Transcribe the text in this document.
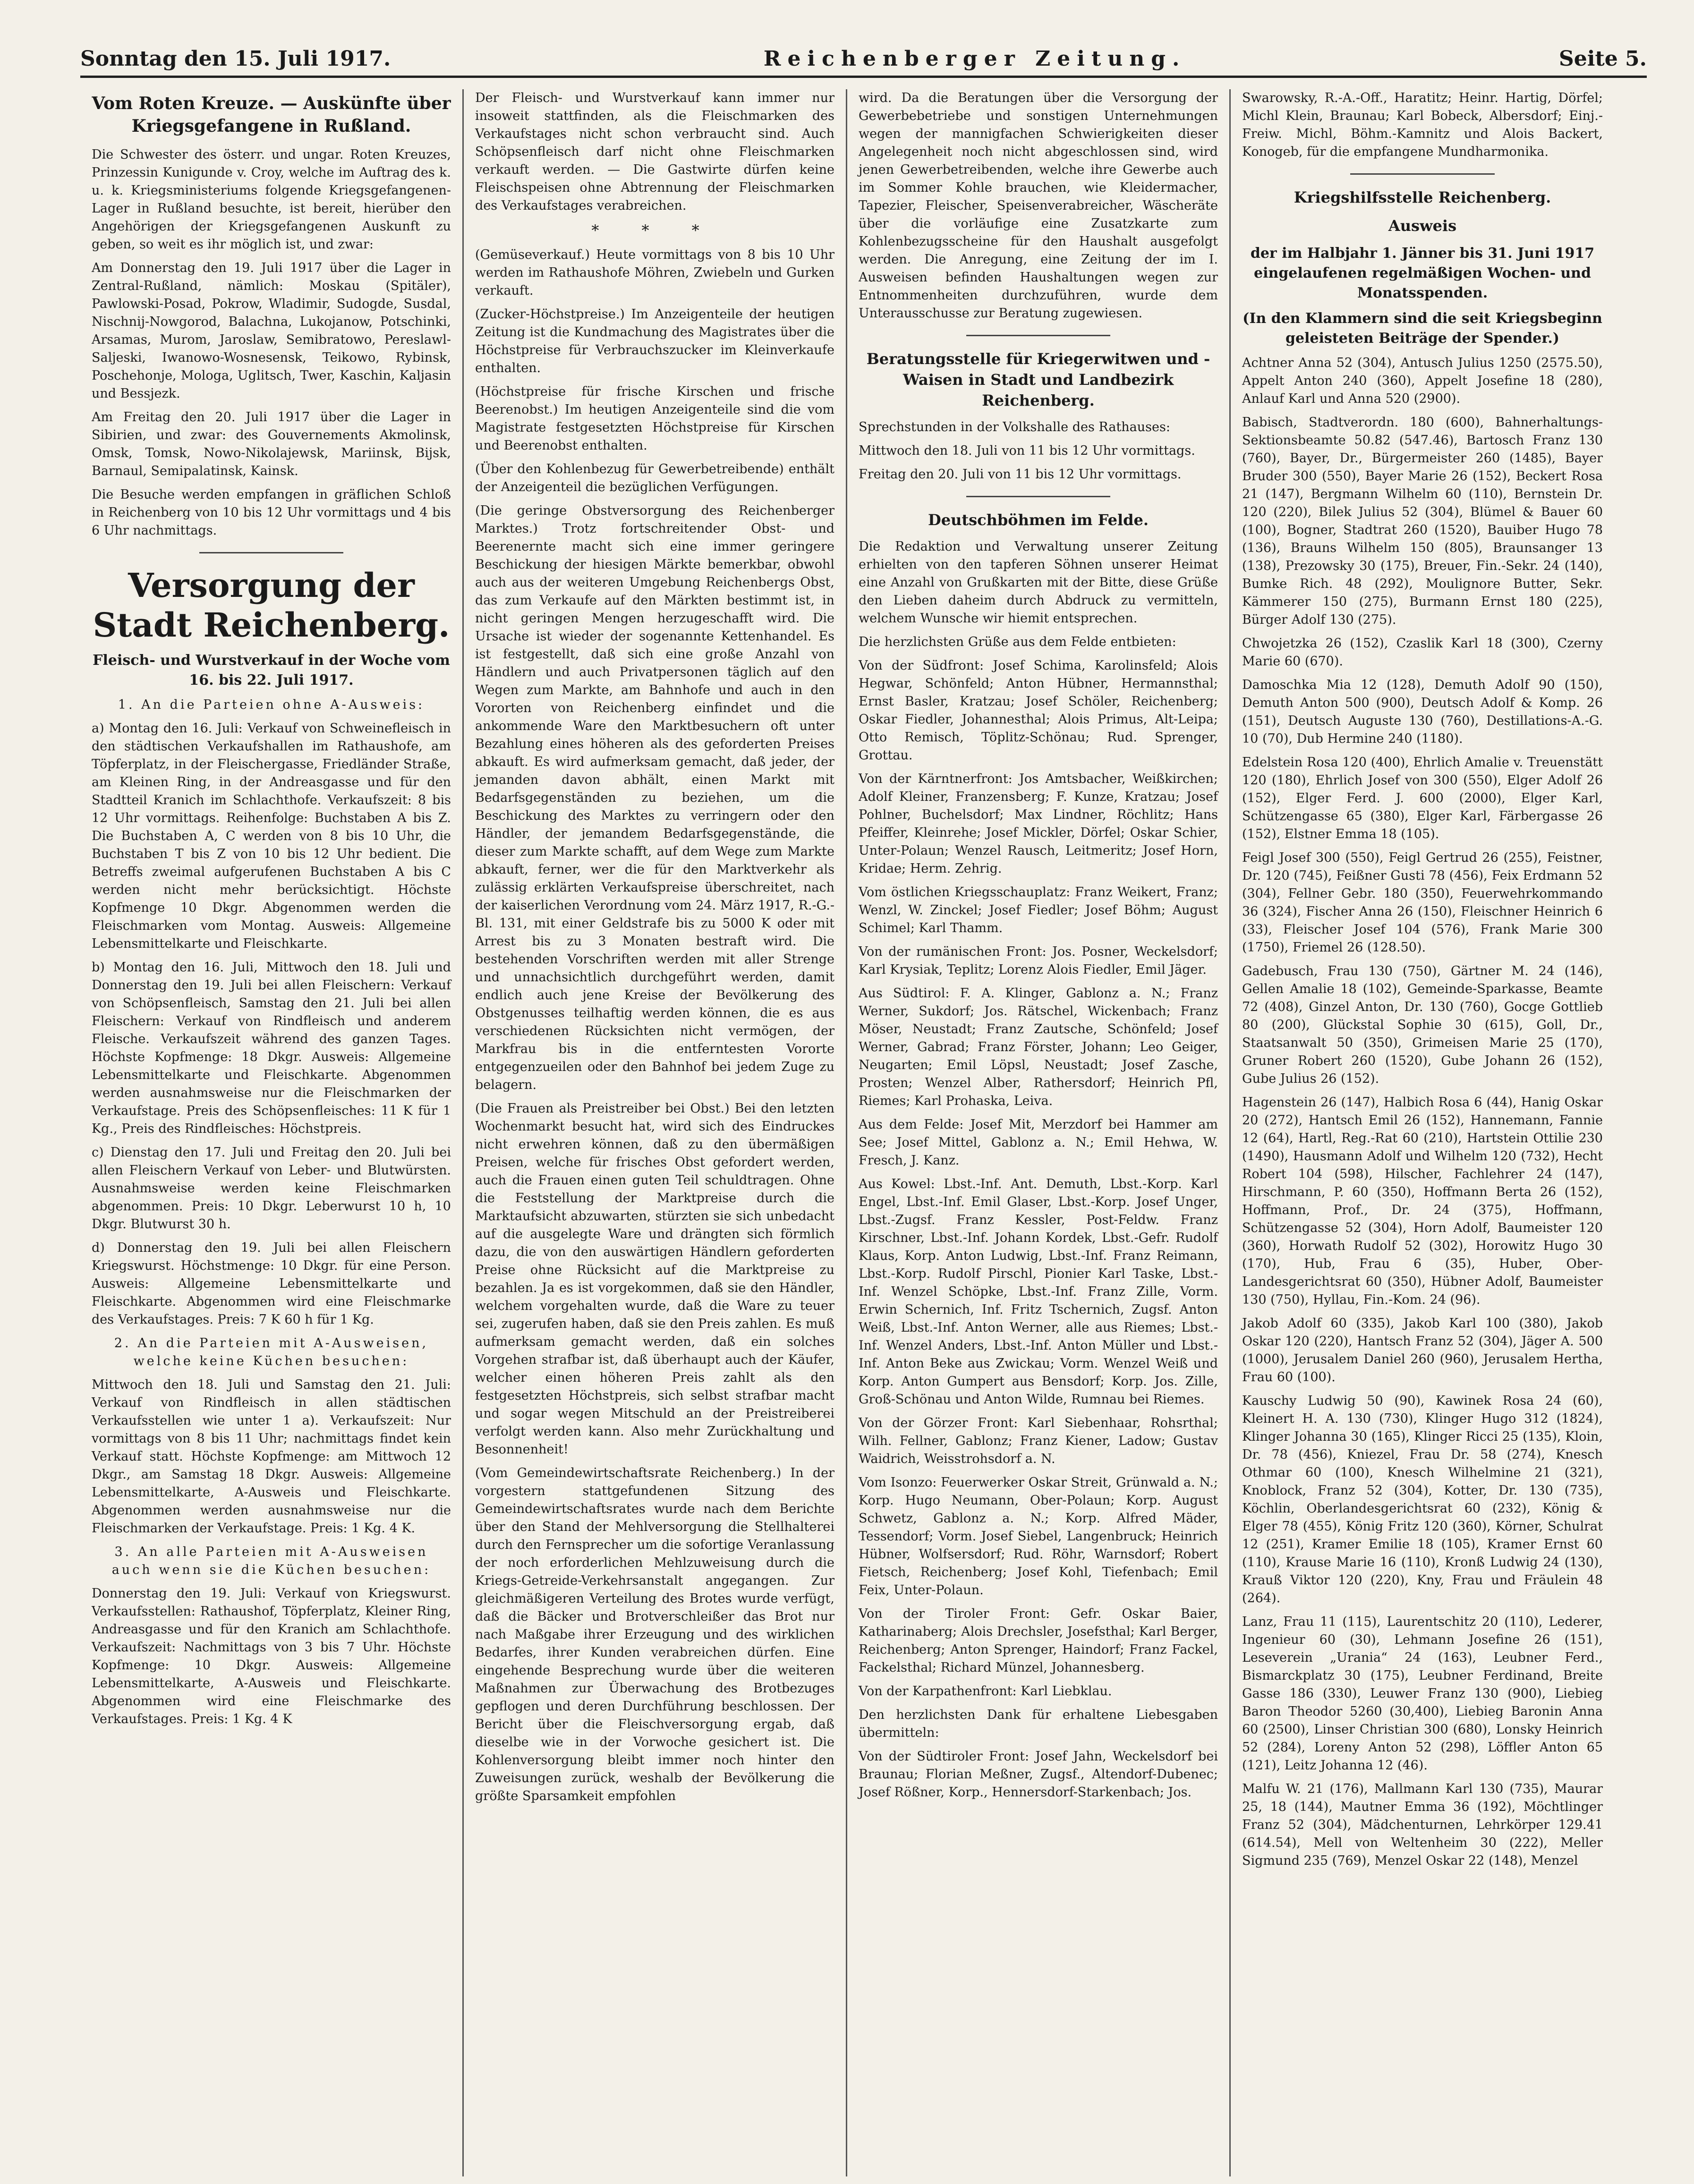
Sonntag den 15. Juli 1917.	Reichenberger Zeitung.	Seite 5.
Vom Roten Kreuze. — Auskünfte über Kriegsgefangene in Rußland.

Die Schwester des österr. und ungar. Roten Kreuzes, Prinzessin Kunigunde v. Croy, welche im Auftrag des k. u. k. Kriegsministeriums folgende Kriegsgefangenen-Lager in Rußland besuchte, ist bereit, hierüber den Angehörigen der Kriegsgefangenen Auskunft zu geben, so weit es ihr möglich ist, und zwar:

Am Donnerstag den 19. Juli 1917 über die Lager in Zentral-Rußland, nämlich: Moskau (Spitäler), Pawlowski-Posad, Pokrow, Wladimir, Sudogde, Susdal, Nischnij-Nowgorod, Balachna, Lukojanow, Potschinki, Arsamas, Murom, Jaroslaw, Semibratowo, Pereslawl-Saljeski, Iwanowo-Wosnesensk, Teikowo, Rybinsk, Poschehonje, Mologa, Uglitsch, Twer, Kaschin, Kaljasin und Bessjezk.

Am Freitag den 20. Juli 1917 über die Lager in Sibirien, und zwar: des Gouvernements Akmolinsk, Omsk, Tomsk, Nowo-Nikolajewsk, Mariinsk, Bijsk, Barnaul, Semipalatinsk, Kainsk.

Die Besuche werden empfangen in gräflichen Schloß in Reichenberg von 10 bis 12 Uhr vormittags und 4 bis 6 Uhr nachmittags.

Versorgung der Stadt Reichenberg.

Fleisch- und Wurstverkauf in der Woche vom 16. bis 22. Juli 1917.

1. An die Parteien ohne A-Ausweis:

a) Montag den 16. Juli: Verkauf von Schweinefleisch in den städtischen Verkaufshallen im Rathaushofe, am Töpferplatz, in der Fleischergasse, Friedländer Straße, am Kleinen Ring, in der Andreasgasse und für den Stadtteil Kranich im Schlachthofe. Verkaufszeit: 8 bis 12 Uhr vormittags. Reihenfolge: Buchstaben A bis Z. Die Buchstaben A, C werden von 8 bis 10 Uhr, die Buchstaben T bis Z von 10 bis 12 Uhr bedient. Die Betreffs zweimal aufgerufenen Buchstaben A bis C werden nicht mehr berücksichtigt. Höchste Kopfmenge 10 Dkgr. Abgenommen werden die Fleischmarken vom Montag. Ausweis: Allgemeine Lebensmittelkarte und Fleischkarte.

b) Montag den 16. Juli, Mittwoch den 18. Juli und Donnerstag den 19. Juli bei allen Fleischern: Verkauf von Schöpsenfleisch, Samstag den 21. Juli bei allen Fleischern: Verkauf von Rindfleisch und anderem Fleische. Verkaufszeit während des ganzen Tages. Höchste Kopfmenge: 18 Dkgr. Ausweis: Allgemeine Lebensmittelkarte und Fleischkarte. Abgenommen werden ausnahmsweise nur die Fleischmarken der Verkaufstage. Preis des Schöpsenfleisches: 11 K für 1 Kg., Preis des Rindfleisches: Höchstpreis.

c) Dienstag den 17. Juli und Freitag den 20. Juli bei allen Fleischern Verkauf von Leber- und Blutwürsten. Ausnahmsweise werden keine Fleischmarken abgenommen. Preis: 10 Dkgr. Leberwurst 10 h, 10 Dkgr. Blutwurst 30 h.

d) Donnerstag den 19. Juli bei allen Fleischern Kriegswurst. Höchstmenge: 10 Dkgr. für eine Person. Ausweis: Allgemeine Lebensmittelkarte und Fleischkarte. Abgenommen wird eine Fleischmarke des Verkaufstages. Preis: 7 K 60 h für 1 Kg.

2. An die Parteien mit A-Ausweisen, welche keine Küchen besuchen:

Mittwoch den 18. Juli und Samstag den 21. Juli: Verkauf von Rindfleisch in allen städtischen Verkaufsstellen wie unter 1 a). Verkaufszeit: Nur vormittags von 8 bis 11 Uhr; nachmittags findet kein Verkauf statt. Höchste Kopfmenge: am Mittwoch 12 Dkgr., am Samstag 18 Dkgr. Ausweis: Allgemeine Lebensmittelkarte, A-Ausweis und Fleischkarte. Abgenommen werden ausnahmsweise nur die Fleischmarken der Verkaufstage. Preis: 1 Kg. 4 K.

3. An alle Parteien mit A-Ausweisen auch wenn sie die Küchen besuchen:

Donnerstag den 19. Juli: Verkauf von Kriegswurst. Verkaufsstellen: Rathaushof, Töpferplatz, Kleiner Ring, Andreasgasse und für den Kranich am Schlachthofe. Verkaufszeit: Nachmittags von 3 bis 7 Uhr. Höchste Kopfmenge: 10 Dkgr. Ausweis: Allgemeine Lebensmittelkarte, A-Ausweis und Fleischkarte. Abgenommen wird eine Fleischmarke des Verkaufstages. Preis: 1 Kg. 4 K

Der Fleisch- und Wurstverkauf kann immer nur insoweit stattfinden, als die Fleischmarken des Verkaufstages nicht schon verbraucht sind. Auch Schöpsenfleisch darf nicht ohne Fleischmarken verkauft werden. — Die Gastwirte dürfen keine Fleischspeisen ohne Abtrennung der Fleischmarken des Verkaufstages verabreichen.

* * *

(Gemüseverkauf.) Heute vormittags von 8 bis 10 Uhr werden im Rathaushofe Möhren, Zwiebeln und Gurken verkauft.

(Zucker-Höchstpreise.) Im Anzeigenteile der heutigen Zeitung ist die Kundmachung des Magistrates über die Höchstpreise für Verbrauchszucker im Kleinverkaufe enthalten.

(Höchstpreise für frische Kirschen und frische Beerenobst.) Im heutigen Anzeigenteile sind die vom Magistrate festgesetzten Höchstpreise für Kirschen und Beerenobst enthalten.

(Über den Kohlenbezug für Gewerbetreibende) enthält der Anzeigenteil die bezüglichen Verfügungen.

(Die geringe Obstversorgung des Reichenberger Marktes.) Trotz fortschreitender Obst- und Beerenernte macht sich eine immer geringere Beschickung der hiesigen Märkte bemerkbar, obwohl auch aus der weiteren Umgebung Reichenbergs Obst, das zum Verkaufe auf den Märkten bestimmt ist, in nicht geringen Mengen herzugeschafft wird. Die Ursache ist wieder der sogenannte Kettenhandel. Es ist festgestellt, daß sich eine große Anzahl von Händlern und auch Privatpersonen täglich auf den Wegen zum Markte, am Bahnhofe und auch in den Vororten von Reichenberg einfindet und die ankommende Ware den Marktbesuchern oft unter Bezahlung eines höheren als des geforderten Preises abkauft. Es wird aufmerksam gemacht, daß jeder, der jemanden davon abhält, einen Markt mit Bedarfsgegenständen zu beziehen, um die Beschickung des Marktes zu verringern oder den Händler, der jemandem Bedarfsgegenstände, die dieser zum Markte schafft, auf dem Wege zum Markte abkauft, ferner, wer die für den Marktverkehr als zulässig erklärten Verkaufspreise überschreitet, nach der kaiserlichen Verordnung vom 24. März 1917, R.-G.-Bl. 131, mit einer Geldstrafe bis zu 5000 K oder mit Arrest bis zu 3 Monaten bestraft wird. Die bestehenden Vorschriften werden mit aller Strenge und unnachsichtlich durchgeführt werden, damit endlich auch jene Kreise der Bevölkerung des Obstgenusses teilhaftig werden können, die es aus verschiedenen Rücksichten nicht vermögen, der Markfrau bis in die entferntesten Vororte entgegenzueilen oder den Bahnhof bei jedem Zuge zu belagern.

(Die Frauen als Preistreiber bei Obst.) Bei den letzten Wochenmarkt besucht hat, wird sich des Eindruckes nicht erwehren können, daß zu den übermäßigen Preisen, welche für frisches Obst gefordert werden, auch die Frauen einen guten Teil schuldtragen. Ohne die Feststellung der Marktpreise durch die Marktaufsicht abzuwarten, stürzten sie sich unbedacht auf die ausgelegte Ware und drängten sich förmlich dazu, die von den auswärtigen Händlern geforderten Preise ohne Rücksicht auf die Marktpreise zu bezahlen. Ja es ist vorgekommen, daß sie den Händler, welchem vorgehalten wurde, daß die Ware zu teuer sei, zugerufen haben, daß sie den Preis zahlen. Es muß aufmerksam gemacht werden, daß ein solches Vorgehen strafbar ist, daß überhaupt auch der Käufer, welcher einen höheren Preis zahlt als den festgesetzten Höchstpreis, sich selbst strafbar macht und sogar wegen Mitschuld an der Preistreiberei verfolgt werden kann. Also mehr Zurückhaltung und Besonnenheit!

(Vom Gemeindewirtschaftsrate Reichenberg.) In der vorgestern stattgefundenen Sitzung des Gemeindewirtschaftsrates wurde nach dem Berichte über den Stand der Mehlversorgung die Stellhalterei durch den Fernsprecher um die sofortige Veranlassung der noch erforderlichen Mehlzuweisung durch die Kriegs-Getreide-Verkehrsanstalt angegangen. Zur gleichmäßigeren Verteilung des Brotes wurde verfügt, daß die Bäcker und Brotverschleißer das Brot nur nach Maßgabe ihrer Erzeugung und des wirklichen Bedarfes, ihrer Kunden verabreichen dürfen. Eine eingehende Besprechung wurde über die weiteren Maßnahmen zur Überwachung des Brotbezuges gepflogen und deren Durchführung beschlossen. Der Bericht über die Fleischversorgung ergab, daß dieselbe wie in der Vorwoche gesichert ist. Die Kohlenversorgung bleibt immer noch hinter den Zuweisungen zurück, weshalb der Bevölkerung die größte Sparsamkeit empfohlen

wird. Da die Beratungen über die Versorgung der Gewerbebetriebe und sonstigen Unternehmungen wegen der mannigfachen Schwierigkeiten dieser Angelegenheit noch nicht abgeschlossen sind, wird jenen Gewerbetreibenden, welche ihre Gewerbe auch im Sommer Kohle brauchen, wie Kleidermacher, Tapezier, Fleischer, Speisenverabreicher, Wäscheräte über die vorläufige eine Zusatzkarte zum Kohlenbezugsscheine für den Haushalt ausgefolgt werden. Die Anregung, eine Zeitung der im I. Ausweisen befinden Haushaltungen wegen zur Entnommenheiten durchzuführen, wurde dem Unterausschusse zur Beratung zugewiesen.

Beratungsstelle für Kriegerwitwen und -Waisen in Stadt und Landbezirk Reichenberg.

Sprechstunden in der Volkshalle des Rathauses:

Mittwoch den 18. Juli von 11 bis 12 Uhr vormittags.

Freitag den 20. Juli von 11 bis 12 Uhr vormittags.

Deutschböhmen im Felde.

Die Redaktion und Verwaltung unserer Zeitung erhielten von den tapferen Söhnen unserer Heimat eine Anzahl von Grußkarten mit der Bitte, diese Grüße den Lieben daheim durch Abdruck zu vermitteln, welchem Wunsche wir hiemit entsprechen.

Die herzlichsten Grüße aus dem Felde entbieten:

Von der Südfront: Josef Schima, Karolinsfeld; Alois Hegwar, Schönfeld; Anton Hübner, Hermannsthal; Ernst Basler, Kratzau; Josef Schöler, Reichenberg; Oskar Fiedler, Johannesthal; Alois Primus, Alt-Leipa; Otto Remisch, Töplitz-Schönau; Rud. Sprenger, Grottau.

Von der Kärntnerfront: Jos Amtsbacher, Weißkirchen; Adolf Kleiner, Franzensberg; F. Kunze, Kratzau; Josef Pohlner, Buchelsdorf; Max Lindner, Röchlitz; Hans Pfeiffer, Kleinrehe; Josef Mickler, Dörfel; Oskar Schier, Unter-Polaun; Wenzel Rausch, Leitmeritz; Josef Horn, Kridae; Herm. Zehrig.

Vom östlichen Kriegsschauplatz: Franz Weikert, Franz; Wenzl, W. Zinckel; Josef Fiedler; Josef Böhm; August Schimel; Karl Thamm.

Von der rumänischen Front: Jos. Posner, Weckelsdorf; Karl Krysiak, Teplitz; Lorenz Alois Fiedler, Emil Jäger.

Aus Südtirol: F. A. Klinger, Gablonz a. N.; Franz Werner, Sukdorf; Jos. Rätschel, Wickenbach; Franz Möser, Neustadt; Franz Zautsche, Schönfeld; Josef Werner, Gabrad; Franz Förster, Johann; Leo Geiger, Neugarten; Emil Löpsl, Neustadt; Josef Zasche, Prosten; Wenzel Alber, Rathersdorf; Heinrich Pfl, Riemes; Karl Prohaska, Leiva.

Aus dem Felde: Josef Mit, Merzdorf bei Hammer am See; Josef Mittel, Gablonz a. N.; Emil Hehwa, W. Fresch, J. Kanz.

Aus Kowel: Lbst.-Inf. Ant. Demuth, Lbst.-Korp. Karl Engel, Lbst.-Inf. Emil Glaser, Lbst.-Korp. Josef Unger, Lbst.-Zugsf. Franz Kessler, Post-Feldw. Franz Kirschner, Lbst.-Inf. Johann Kordek, Lbst.-Gefr. Rudolf Klaus, Korp. Anton Ludwig, Lbst.-Inf. Franz Reimann, Lbst.-Korp. Rudolf Pirschl, Pionier Karl Taske, Lbst.-Inf. Wenzel Schöpke, Lbst.-Inf. Franz Zille, Vorm. Erwin Schernich, Inf. Fritz Tschernich, Zugsf. Anton Weiß, Lbst.-Inf. Anton Werner, alle aus Riemes; Lbst.-Inf. Wenzel Anders, Lbst.-Inf. Anton Müller und Lbst.-Inf. Anton Beke aus Zwickau; Vorm. Wenzel Weiß und Korp. Anton Gumpert aus Bensdorf; Korp. Jos. Zille, Groß-Schönau und Anton Wilde, Rumnau bei Riemes.

Von der Görzer Front: Karl Siebenhaar, Rohsrthal; Wilh. Fellner, Gablonz; Franz Kiener, Ladow; Gustav Waidrich, Weisstrohsdorf a. N.

Vom Isonzo: Feuerwerker Oskar Streit, Grünwald a. N.; Korp. Hugo Neumann, Ober-Polaun; Korp. August Schwetz, Gablonz a. N.; Korp. Alfred Mäder, Tessendorf; Vorm. Josef Siebel, Langenbruck; Heinrich Hübner, Wolfsersdorf; Rud. Röhr, Warnsdorf; Robert Fietsch, Reichenberg; Josef Kohl, Tiefenbach; Emil Feix, Unter-Polaun.

Von der Tiroler Front: Gefr. Oskar Baier, Katharinaberg; Alois Drechsler, Josefsthal; Karl Berger, Reichenberg; Anton Sprenger, Haindorf; Franz Fackel, Fackelsthal; Richard Münzel, Johannesberg.

Von der Karpathenfront: Karl Liebklau.

Den herzlichsten Dank für erhaltene Liebesgaben übermitteln:

Von der Südtiroler Front: Josef Jahn, Weckelsdorf bei Braunau; Florian Meßner, Zugsf., Altendorf-Dubenec; Josef Rößner, Korp., Hennersdorf-Starkenbach; Jos.

Swarowsky, R.-A.-Off., Haratitz; Heinr. Hartig, Dörfel; Michl Klein, Braunau; Karl Bobeck, Albersdorf; Einj.-Freiw. Michl, Böhm.-Kamnitz und Alois Backert, Konogeb, für die empfangene Mundharmonika.

Kriegshilfsstelle Reichenberg.
Ausweis

der im Halbjahr 1. Jänner bis 31. Juni 1917 eingelaufenen regelmäßigen Wochen- und Monatsspenden.

(In den Klammern sind die seit Kriegsbeginn geleisteten Beiträge der Spender.)

Achtner Anna 52 (304), Antusch Julius 1250 (2575.50), Appelt Anton 240 (360), Appelt Josefine 18 (280), Anlauf Karl und Anna 520 (2900).

Babisch, Stadtverordn. 180 (600), Bahnerhaltungs-Sektionsbeamte 50.82 (547.46), Bartosch Franz 130 (760), Bayer, Dr., Bürgermeister 260 (1485), Bayer Bruder 300 (550), Bayer Marie 26 (152), Beckert Rosa 21 (147), Bergmann Wilhelm 60 (110), Bernstein Dr. 120 (220), Bilek Julius 52 (304), Blümel & Bauer 60 (100), Bogner, Stadtrat 260 (1520), Bauiber Hugo 78 (136), Brauns Wilhelm 150 (805), Braunsanger 13 (138), Prezowsky 30 (175), Breuer, Fin.-Sekr. 24 (140), Bumke Rich. 48 (292), Moulignore Butter, Sekr. Kämmerer 150 (275), Burmann Ernst 180 (225), Bürger Adolf 130 (275).

Chwojetzka 26 (152), Czaslik Karl 18 (300), Czerny Marie 60 (670).

Damoschka Mia 12 (128), Demuth Adolf 90 (150), Demuth Anton 500 (900), Deutsch Adolf & Komp. 26 (151), Deutsch Auguste 130 (760), Destillations-A.-G. 10 (70), Dub Hermine 240 (1180).

Edelstein Rosa 120 (400), Ehrlich Amalie v. Treuenstätt 120 (180), Ehrlich Josef von 300 (550), Elger Adolf 26 (152), Elger Ferd. J. 600 (2000), Elger Karl, Schützengasse 65 (380), Elger Karl, Färbergasse 26 (152), Elstner Emma 18 (105).

Feigl Josef 300 (550), Feigl Gertrud 26 (255), Feistner, Dr. 120 (745), Feißner Gusti 78 (456), Feix Erdmann 52 (304), Fellner Gebr. 180 (350), Feuerwehrkommando 36 (324), Fischer Anna 26 (150), Fleischner Heinrich 6 (33), Fleischer Josef 104 (576), Frank Marie 300 (1750), Friemel 26 (128.50).

Gadebusch, Frau 130 (750), Gärtner M. 24 (146), Gellen Amalie 18 (102), Gemeinde-Sparkasse, Beamte 72 (408), Ginzel Anton, Dr. 130 (760), Gocge Gottlieb 80 (200), Glückstal Sophie 30 (615), Goll, Dr., Staatsanwalt 50 (350), Grimeisen Marie 25 (170), Gruner Robert 260 (1520), Gube Johann 26 (152), Gube Julius 26 (152).

Hagenstein 26 (147), Halbich Rosa 6 (44), Hanig Oskar 20 (272), Hantsch Emil 26 (152), Hannemann, Fannie 12 (64), Hartl, Reg.-Rat 60 (210), Hartstein Ottilie 230 (1490), Hausmann Adolf und Wilhelm 120 (732), Hecht Robert 104 (598), Hilscher, Fachlehrer 24 (147), Hirschmann, P. 60 (350), Hoffmann Berta 26 (152), Hoffmann, Prof., Dr. 24 (375), Hoffmann, Schützengasse 52 (304), Horn Adolf, Baumeister 120 (360), Horwath Rudolf 52 (302), Horowitz Hugo 30 (170), Hub, Frau 6 (35), Huber, Ober-Landesgerichtsrat 60 (350), Hübner Adolf, Baumeister 130 (750), Hyllau, Fin.-Kom. 24 (96).

Jakob Adolf 60 (335), Jakob Karl 100 (380), Jakob Oskar 120 (220), Hantsch Franz 52 (304), Jäger A. 500 (1000), Jerusalem Daniel 260 (960), Jerusalem Hertha, Frau 60 (100).

Kauschy Ludwig 50 (90), Kawinek Rosa 24 (60), Kleinert H. A. 130 (730), Klinger Hugo 312 (1824), Klinger Johanna 30 (165), Klinger Ricci 25 (135), Kloin, Dr. 78 (456), Kniezel, Frau Dr. 58 (274), Knesch Othmar 60 (100), Knesch Wilhelmine 21 (321), Knoblock, Franz 52 (304), Kotter, Dr. 130 (735), Köchlin, Oberlandesgerichtsrat 60 (232), König & Elger 78 (455), König Fritz 120 (360), Körner, Schulrat 12 (251), Kramer Emilie 18 (105), Kramer Ernst 60 (110), Krause Marie 16 (110), Kronß Ludwig 24 (130), Krauß Viktor 120 (220), Kny, Frau und Fräulein 48 (264).

Lanz, Frau 11 (115), Laurentschitz 20 (110), Lederer, Ingenieur 60 (30), Lehmann Josefine 26 (151), Leseverein „Urania“ 24 (163), Leubner Ferd., Bismarckplatz 30 (175), Leubner Ferdinand, Breite Gasse 186 (330), Leuwer Franz 130 (900), Liebieg Baron Theodor 5260 (30,400), Liebieg Baronin Anna 60 (2500), Linser Christian 300 (680), Lonsky Heinrich 52 (284), Loreny Anton 52 (298), Löffler Anton 65 (121), Leitz Johanna 12 (46).

Malfu W. 21 (176), Mallmann Karl 130 (735), Maurar 25, 18 (144), Mautner Emma 36 (192), Möchtlinger Franz 52 (304), Mädchenturnen, Lehrkörper 129.41 (614.54), Mell von Weltenheim 30 (222), Meller Sigmund 235 (769), Menzel Oskar 22 (148), Menzel
